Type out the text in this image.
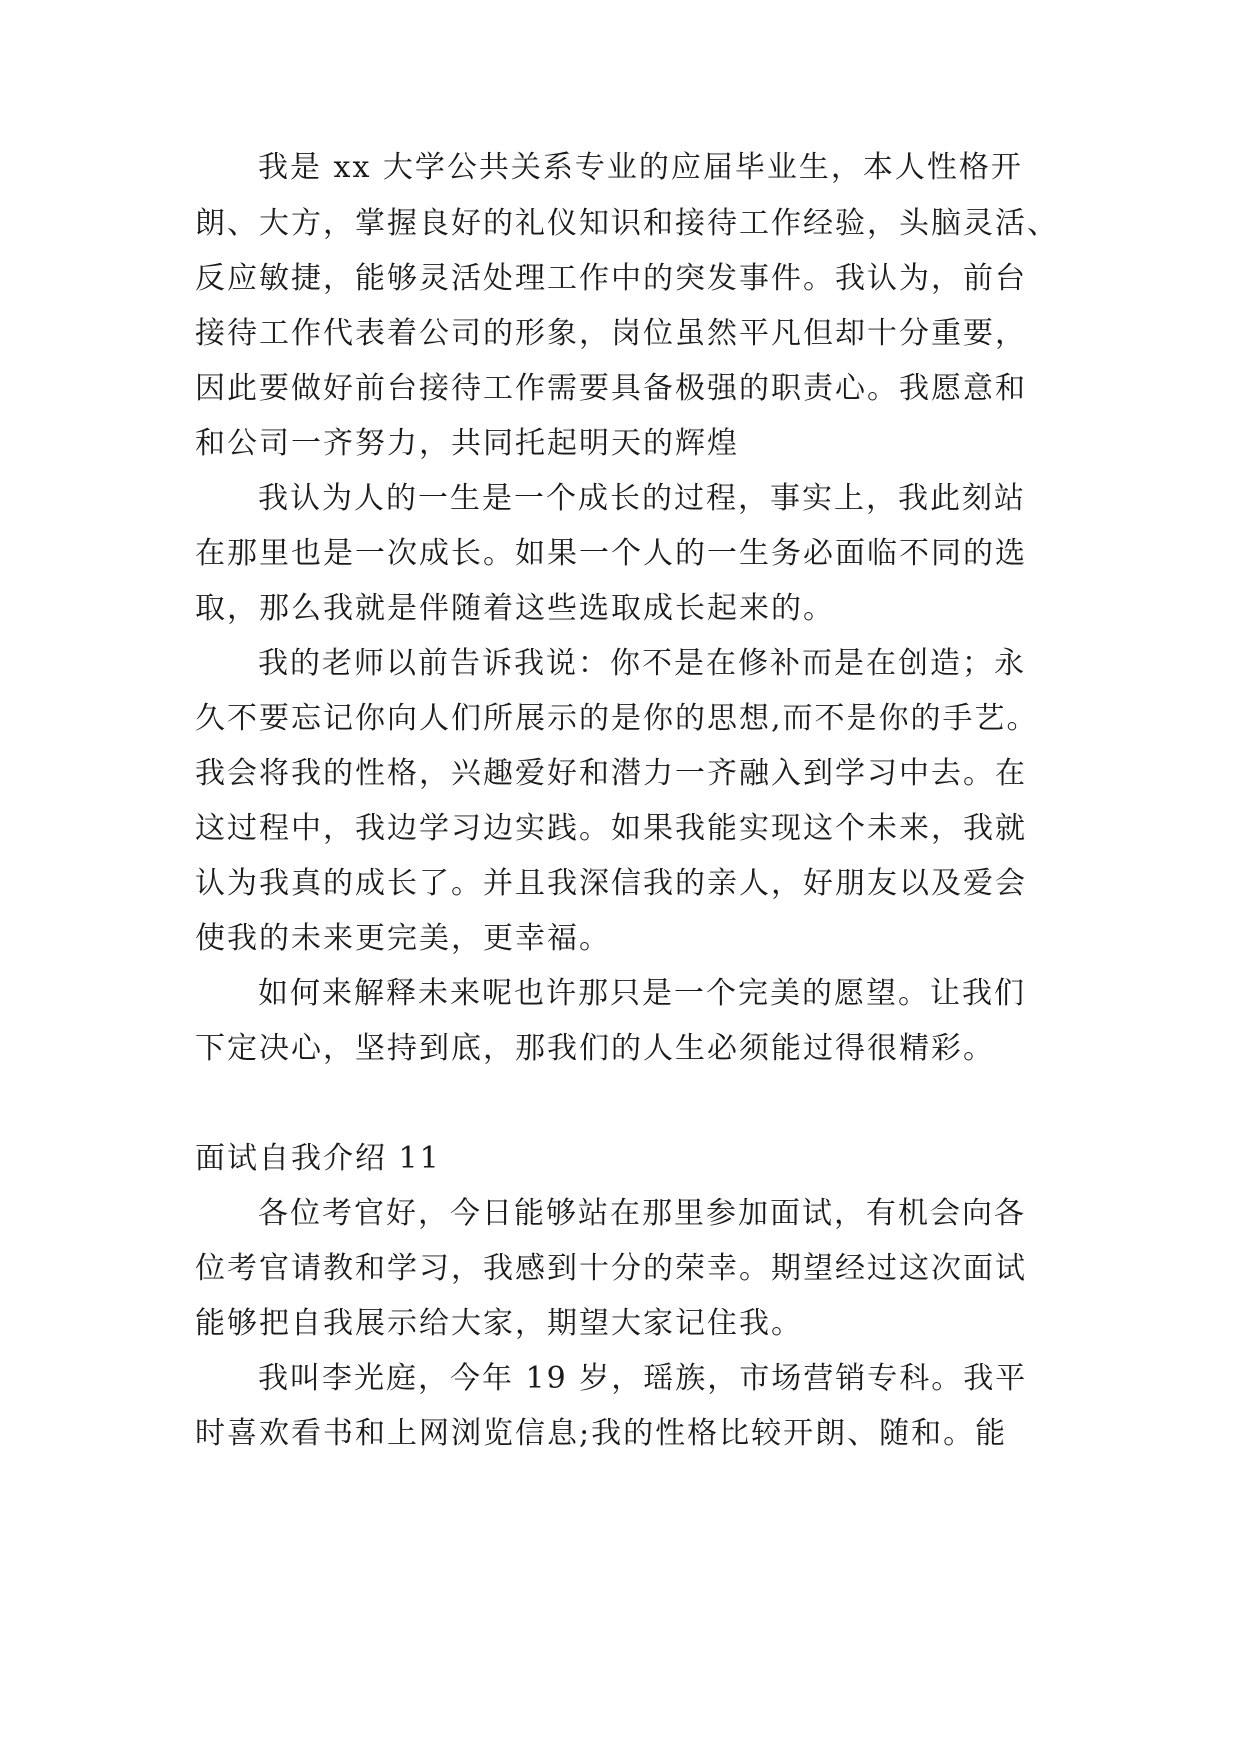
我是 xx 大学公共关系专业的应届毕业生，本人性格开
朗、大方，掌握良好的礼仪知识和接待工作经验，头脑灵活、
反应敏捷，能够灵活处理工作中的突发事件。我认为，前台
接待工作代表着公司的形象，岗位虽然平凡但却十分重要，
因此要做好前台接待工作需要具备极强的职责心。我愿意和
和公司一齐努力，共同托起明天的辉煌
我认为人的一生是一个成长的过程，事实上，我此刻站
在那里也是一次成长。如果一个人的一生务必面临不同的选
取，那么我就是伴随着这些选取成长起来的。
我的老师以前告诉我说：你不是在修补而是在创造；永
久不要忘记你向人们所展示的是你的思想,而不是你的手艺。
我会将我的性格，兴趣爱好和潜力一齐融入到学习中去。在
这过程中，我边学习边实践。如果我能实现这个未来，我就
认为我真的成长了。并且我深信我的亲人，好朋友以及爱会
使我的未来更完美，更幸福。
如何来解释未来呢也许那只是一个完美的愿望。让我们
下定决心，坚持到底，那我们的人生必须能过得很精彩。
面试自我介绍 11
各位考官好，今日能够站在那里参加面试，有机会向各
位考官请教和学习，我感到十分的荣幸。期望经过这次面试
能够把自我展示给大家，期望大家记住我。
我叫李光庭，今年 19 岁，瑶族，市场营销专科。我平
时喜欢看书和上网浏览信息;我的性格比较开朗、随和。能
